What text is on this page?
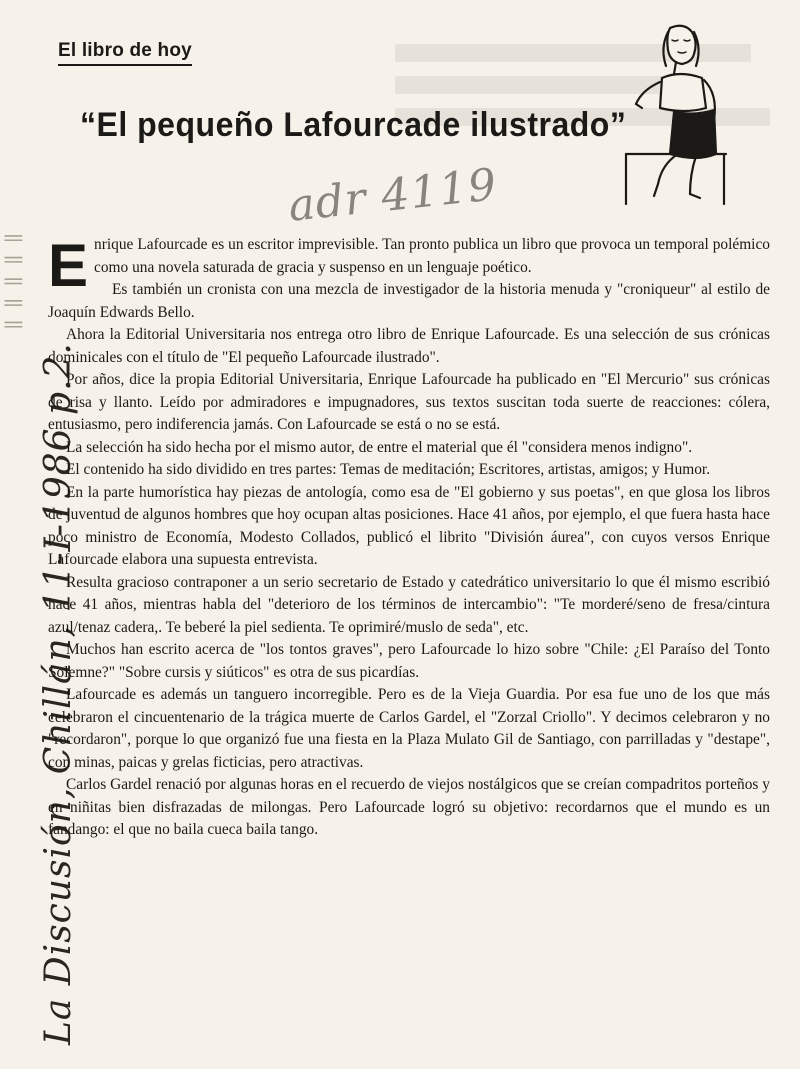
El libro de hoy
“El pequeño Lafourcade ilustrado”
adr 4119
‖ ‖ ‖ ‖ ‖
La Discusión, Chillán, 11-I-1986 p.2.

Enrique Lafourcade es un escritor imprevisible. Tan pronto publica un libro que provoca un temporal polémico como una novela saturada de gracia y suspenso en un lenguaje poético.

Es también un cronista con una mezcla de investigador de la historia menuda y "croniqueur" al estilo de Joaquín Edwards Bello.

Ahora la Editorial Universitaria nos entrega otro libro de Enrique Lafourcade. Es una selección de sus crónicas dominicales con el título de "El pequeño Lafourcade ilustrado".

Por años, dice la propia Editorial Universitaria, Enrique Lafourcade ha publicado en "El Mercurio" sus crónicas de risa y llanto. Leído por admiradores e impugnadores, sus textos suscitan toda suerte de reacciones: cólera, entusiasmo, pero indiferencia jamás. Con Lafourcade se está o no se está.

La selección ha sido hecha por el mismo autor, de entre el material que él "considera menos indigno".

El contenido ha sido dividido en tres partes: Temas de meditación; Escritores, artistas, amigos; y Humor.

En la parte humorística hay piezas de antología, como esa de "El gobierno y sus poetas", en que glosa los libros de juventud de algunos hombres que hoy ocupan altas posiciones. Hace 41 años, por ejemplo, el que fuera hasta hace poco ministro de Economía, Modesto Collados, publicó el librito "División áurea", con cuyos versos Enrique Lafourcade elabora una supuesta entrevista.

Resulta gracioso contraponer a un serio secretario de Estado y catedrático universitario lo que él mismo escribió hace 41 años, mientras habla del "deterioro de los términos de intercambio": "Te morderé/seno de fresa/cintura azul/tenaz cadera,. Te beberé la piel sedienta. Te oprimiré/muslo de seda", etc.

Muchos han escrito acerca de "los tontos graves", pero Lafourcade lo hizo sobre "Chile: ¿El Paraíso del Tonto Solemne?" "Sobre cursis y siúticos" es otra de sus picardías.

Lafourcade es además un tanguero incorregible. Pero es de la Vieja Guardia. Por esa fue uno de los que más celebraron el cincuentenario de la trágica muerte de Carlos Gardel, el "Zorzal Criollo". Y decimos celebraron y no "recordaron", porque lo que organizó fue una fiesta en la Plaza Mulato Gil de Santiago, con parrilladas y "destape", con minas, paicas y grelas ficticias, pero atractivas.

Carlos Gardel renació por algunas horas en el recuerdo de viejos nostálgicos que se creían compadritos porteños y en niñitas bien disfrazadas de milongas. Pero Lafourcade logró su objetivo: recordarnos que el mundo es un fandango: el que no baila cueca baila tango.
